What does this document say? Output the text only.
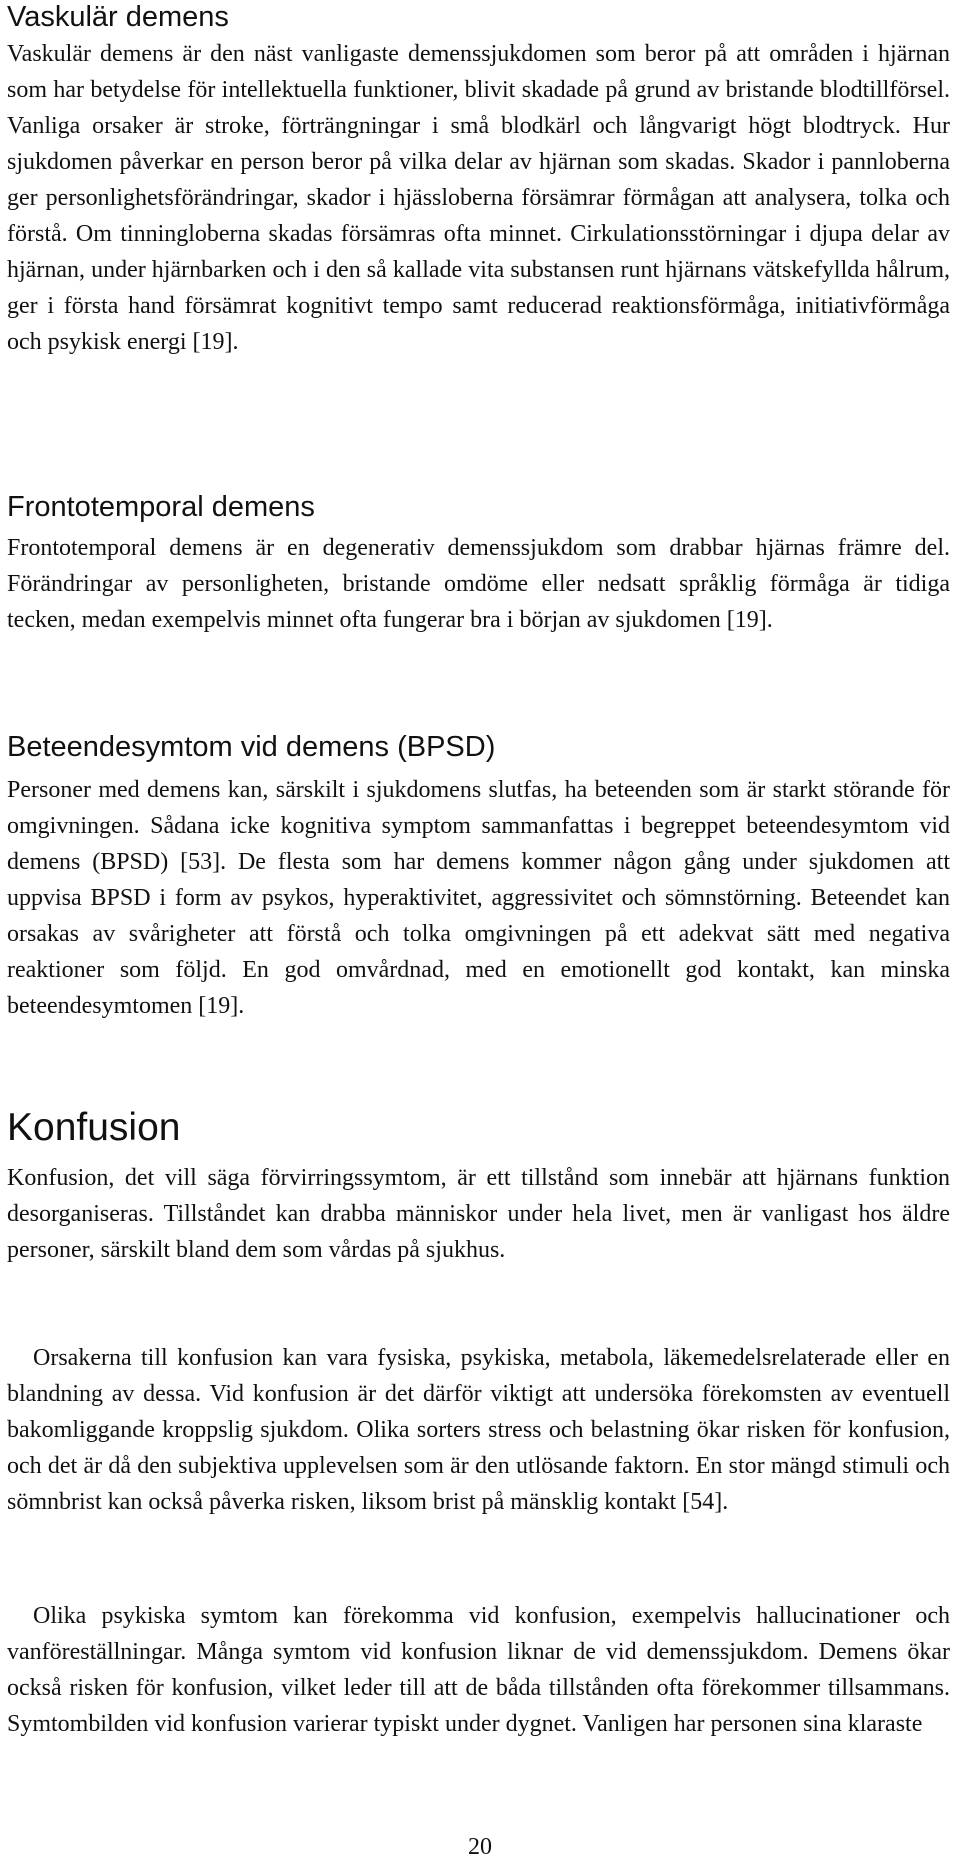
Vaskulär demens

Vaskulär demens är den näst vanligaste demenssjukdomen som beror på att områden i hjärnan som har betydelse för intellektuella funktioner, blivit skadade på grund av bristande blodtillförsel. Vanliga orsaker är stroke, förträngningar i små blodkärl och långvarigt högt blodtryck. Hur sjukdomen påverkar en person beror på vilka delar av hjärnan som skadas. Skador i pannloberna ger personlighetsförändringar, skador i hjässloberna försämrar förmågan att analysera, tolka och förstå. Om tinningloberna skadas försämras ofta minnet. Cirkulationsstörningar i djupa delar av hjärnan, under hjärnbarken och i den så kallade vita substansen runt hjärnans vätskefyllda hålrum, ger i första hand försämrat kognitivt tempo samt reducerad reaktionsförmåga, initiativförmåga och psykisk energi [19].

Frontotemporal demens

Frontotemporal demens är en degenerativ demenssjukdom som drabbar hjärnas främre del. Förändringar av personligheten, bristande omdöme eller nedsatt språklig förmåga är tidiga tecken, medan exempelvis minnet ofta fungerar bra i början av sjukdomen [19].

Beteendesymtom vid demens (BPSD)

Personer med demens kan, särskilt i sjukdomens slutfas, ha beteenden som är starkt störande för omgivningen. Sådana icke kognitiva symptom sammanfattas i begreppet beteendesymtom vid demens (BPSD) [53]. De flesta som har demens kommer någon gång under sjukdomen att uppvisa BPSD i form av psykos, hyperaktivitet, aggressivitet och sömnstörning. Beteendet kan orsakas av svårigheter att förstå och tolka omgivningen på ett adekvat sätt med negativa reaktioner som följd. En god omvårdnad, med en emotionellt god kontakt, kan minska beteendesymtomen [19].

Konfusion

Konfusion, det vill säga förvirringssymtom, är ett tillstånd som innebär att hjärnans funktion desorganiseras. Tillståndet kan drabba människor under hela livet, men är vanligast hos äldre personer, särskilt bland dem som vårdas på sjukhus.

Orsakerna till konfusion kan vara fysiska, psykiska, metabola, läkemedelsrelaterade eller en blandning av dessa. Vid konfusion är det därför viktigt att undersöka förekomsten av eventuell bakomliggande kroppslig sjukdom. Olika sorters stress och belastning ökar risken för konfusion, och det är då den subjektiva upplevelsen som är den utlösande faktorn. En stor mängd stimuli och sömnbrist kan också påverka risken, liksom brist på mänsklig kontakt [54].

Olika psykiska symtom kan förekomma vid konfusion, exempelvis hallucinationer och vanföreställningar. Många symtom vid konfusion liknar de vid demenssjukdom. Demens ökar också risken för konfusion, vilket leder till att de båda tillstånden ofta förekommer tillsammans. Symtombilden vid konfusion varierar typiskt under dygnet. Vanligen har personen sina klaraste

20
